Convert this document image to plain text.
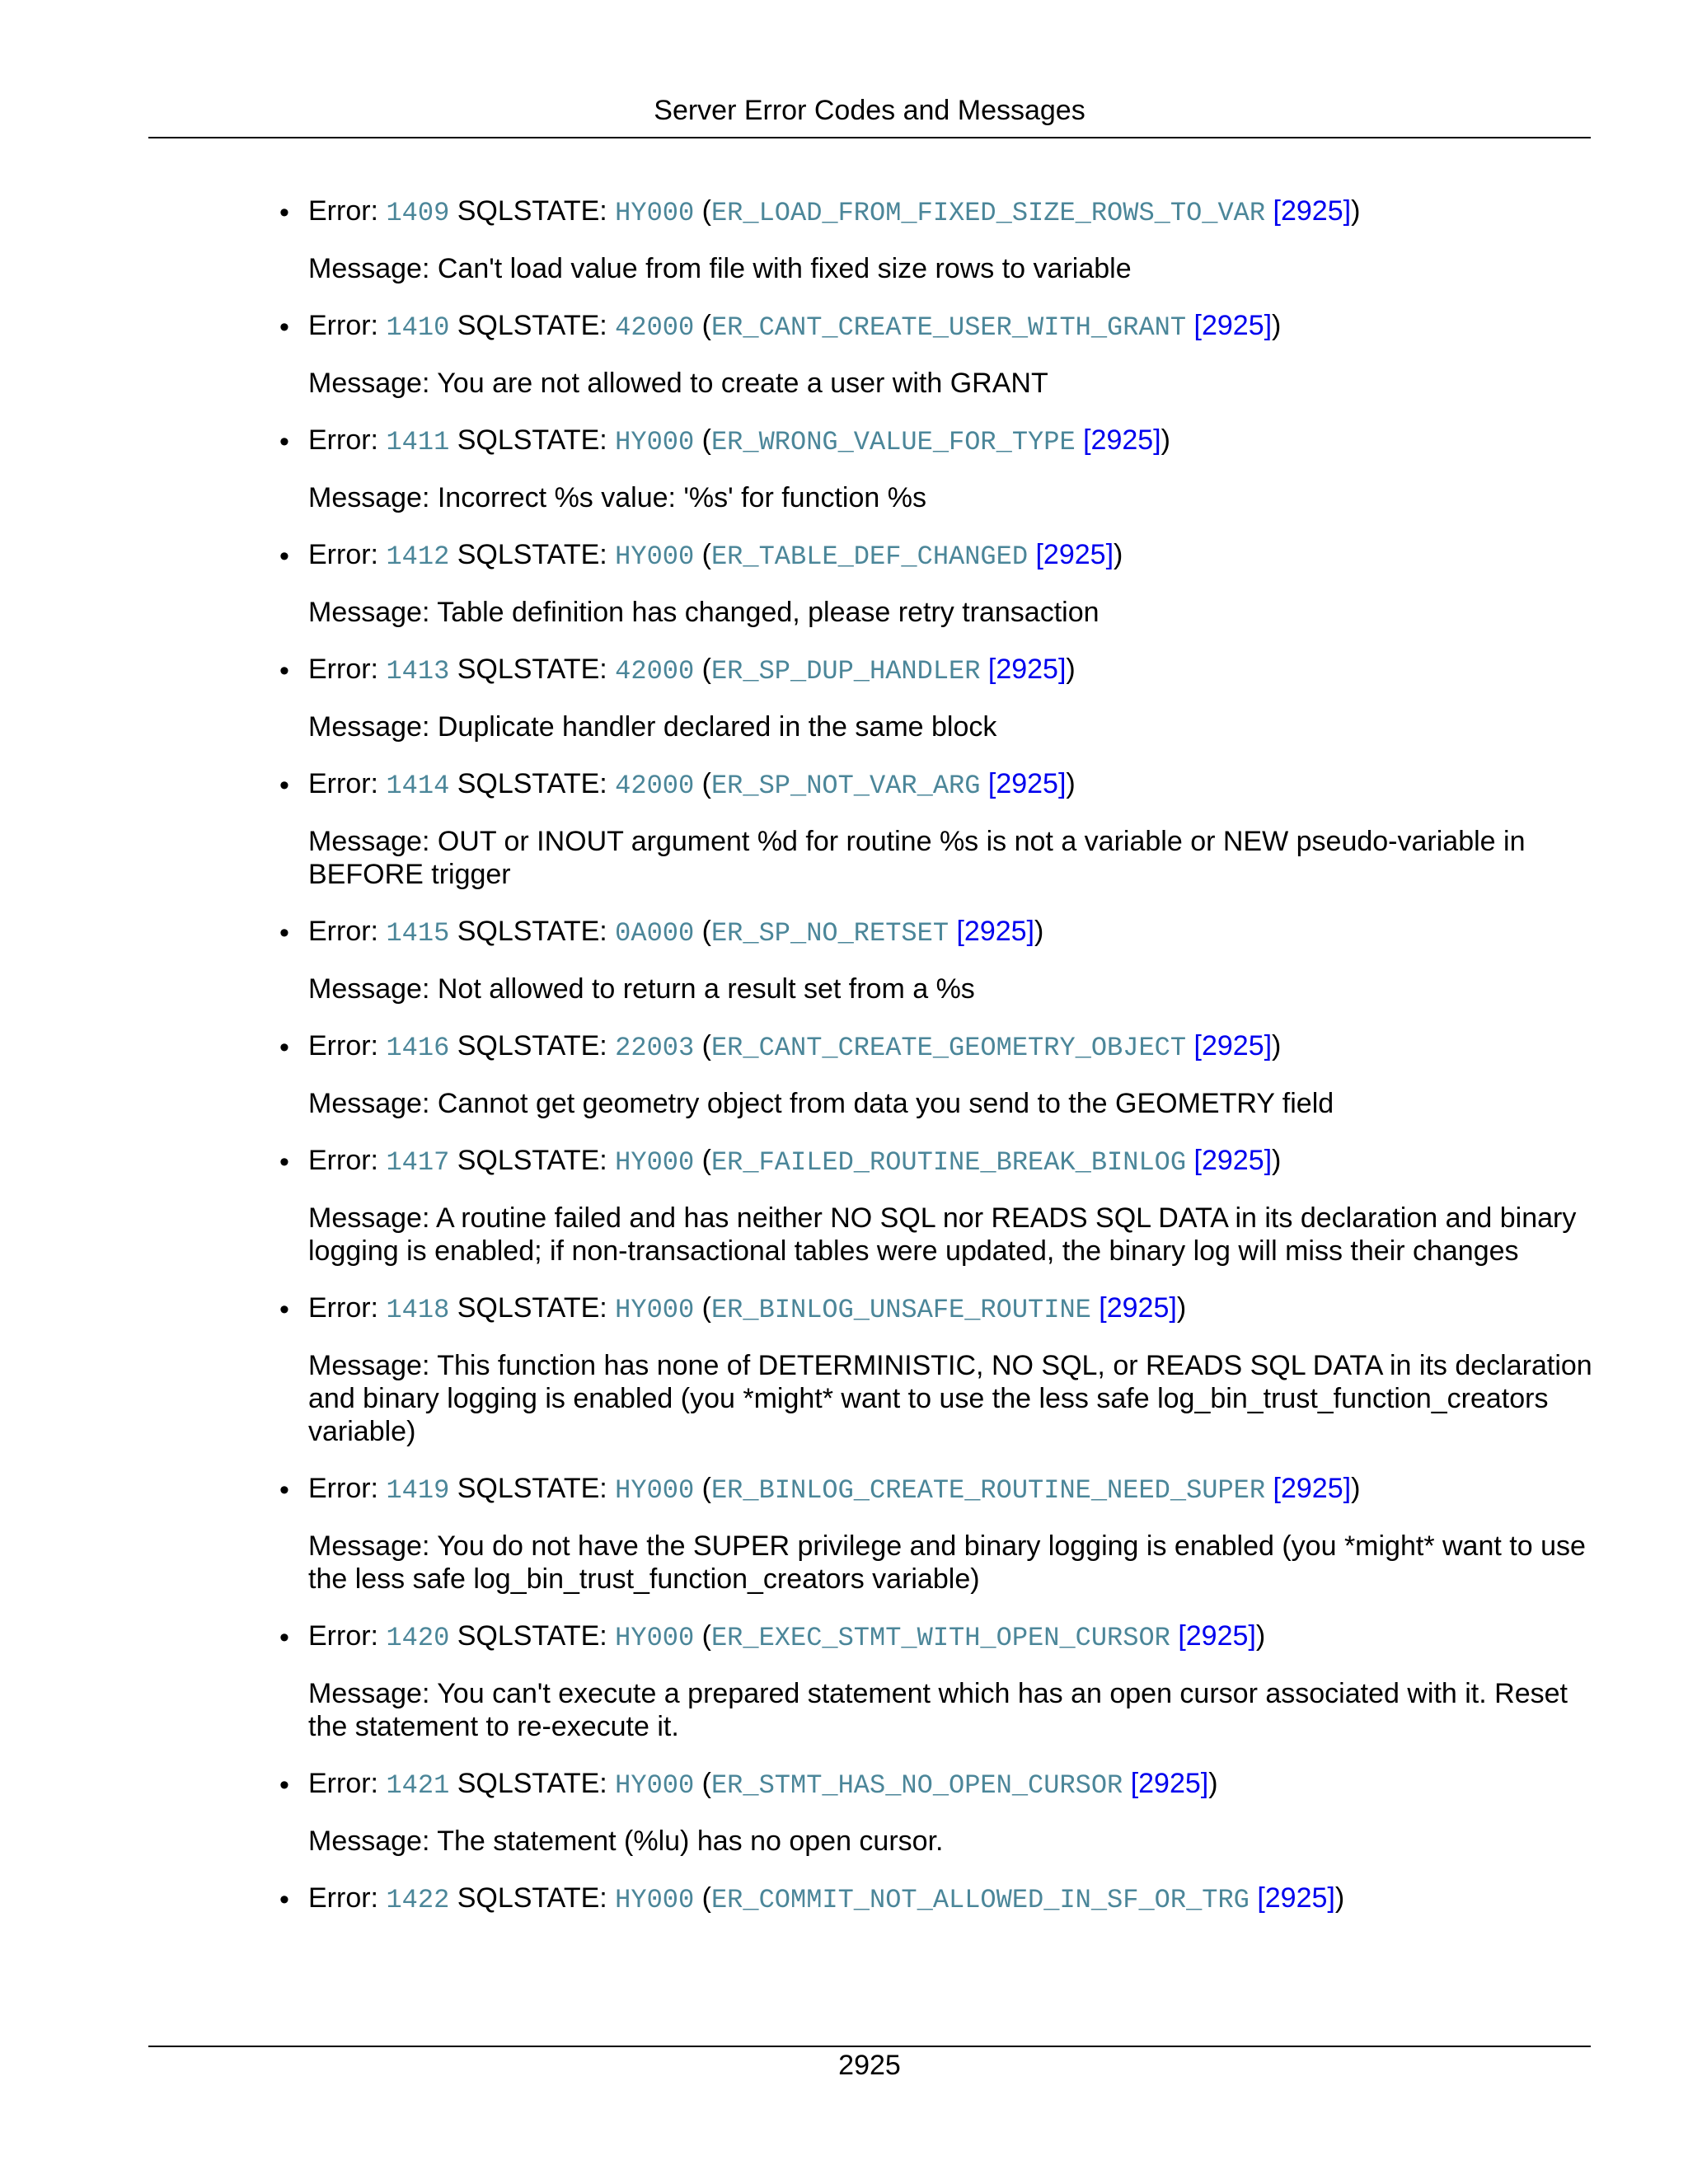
Server Error Codes and Messages
• Error: 1409 SQLSTATE: HY000 (ER_LOAD_FROM_FIXED_SIZE_ROWS_TO_VAR [2925])
Message: Can't load value from file with fixed size rows to variable
• Error: 1410 SQLSTATE: 42000 (ER_CANT_CREATE_USER_WITH_GRANT [2925])
Message: You are not allowed to create a user with GRANT
• Error: 1411 SQLSTATE: HY000 (ER_WRONG_VALUE_FOR_TYPE [2925])
Message: Incorrect %s value: '%s' for function %s
• Error: 1412 SQLSTATE: HY000 (ER_TABLE_DEF_CHANGED [2925])
Message: Table definition has changed, please retry transaction
• Error: 1413 SQLSTATE: 42000 (ER_SP_DUP_HANDLER [2925])
Message: Duplicate handler declared in the same block
• Error: 1414 SQLSTATE: 42000 (ER_SP_NOT_VAR_ARG [2925])
Message: OUT or INOUT argument %d for routine %s is not a variable or NEW pseudo-variable in BEFORE trigger
• Error: 1415 SQLSTATE: 0A000 (ER_SP_NO_RETSET [2925])
Message: Not allowed to return a result set from a %s
• Error: 1416 SQLSTATE: 22003 (ER_CANT_CREATE_GEOMETRY_OBJECT [2925])
Message: Cannot get geometry object from data you send to the GEOMETRY field
• Error: 1417 SQLSTATE: HY000 (ER_FAILED_ROUTINE_BREAK_BINLOG [2925])
Message: A routine failed and has neither NO SQL nor READS SQL DATA in its declaration and binary logging is enabled; if non-transactional tables were updated, the binary log will miss their changes
• Error: 1418 SQLSTATE: HY000 (ER_BINLOG_UNSAFE_ROUTINE [2925])
Message: This function has none of DETERMINISTIC, NO SQL, or READS SQL DATA in its declaration and binary logging is enabled (you *might* want to use the less safe log_bin_trust_function_creators variable)
• Error: 1419 SQLSTATE: HY000 (ER_BINLOG_CREATE_ROUTINE_NEED_SUPER [2925])
Message: You do not have the SUPER privilege and binary logging is enabled (you *might* want to use the less safe log_bin_trust_function_creators variable)
• Error: 1420 SQLSTATE: HY000 (ER_EXEC_STMT_WITH_OPEN_CURSOR [2925])
Message: You can't execute a prepared statement which has an open cursor associated with it. Reset the statement to re-execute it.
• Error: 1421 SQLSTATE: HY000 (ER_STMT_HAS_NO_OPEN_CURSOR [2925])
Message: The statement (%lu) has no open cursor.
• Error: 1422 SQLSTATE: HY000 (ER_COMMIT_NOT_ALLOWED_IN_SF_OR_TRG [2925])
2925
